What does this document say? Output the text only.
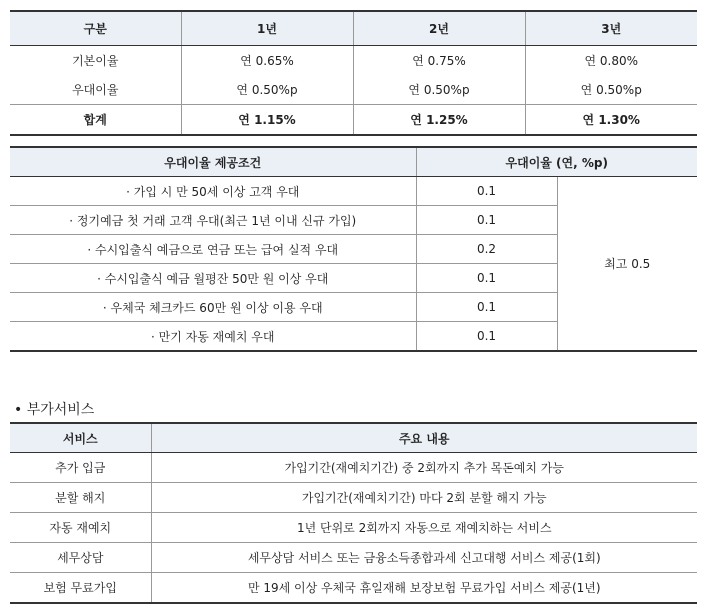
구분	1년	2년	3년
기본이율	연 0.65%	연 0.75%	연 0.80%
우대이율	연 0.50%p	연 0.50%p	연 0.50%p
합계	연 1.15%	연 1.25%	연 1.30%
우대이율 제공조건	우대이율 (연, %p)	
· 가입 시 만 50세 이상 고객 우대	0.1	최고 0.5
· 정기예금 첫 거래 고객 우대(최근 1년 이내 신규 가입)	0.1	
· 수시입출식 예금으로 연금 또는 급여 실적 우대	0.2	
· 수시입출식 예금 월평잔 50만 원 이상 우대	0.1	
· 우체국 체크카드 60만 원 이상 이용 우대	0.1	
· 만기 자동 재예치 우대	0.1	
• 부가서비스
서비스	주요 내용
추가 입금	가입기간(재예치기간) 중 2회까지 추가 목돈예치 가능
분할 해지	가입기간(재예치기간) 마다 2회 분할 해지 가능
자동 재예치	1년 단위로 2회까지 자동으로 재예치하는 서비스
세무상담	세무상담 서비스 또는 금융소득종합과세 신고대행 서비스 제공(1회)
보험 무료가입	만 19세 이상 우체국 휴일재해 보장보험 무료가입 서비스 제공(1년)
